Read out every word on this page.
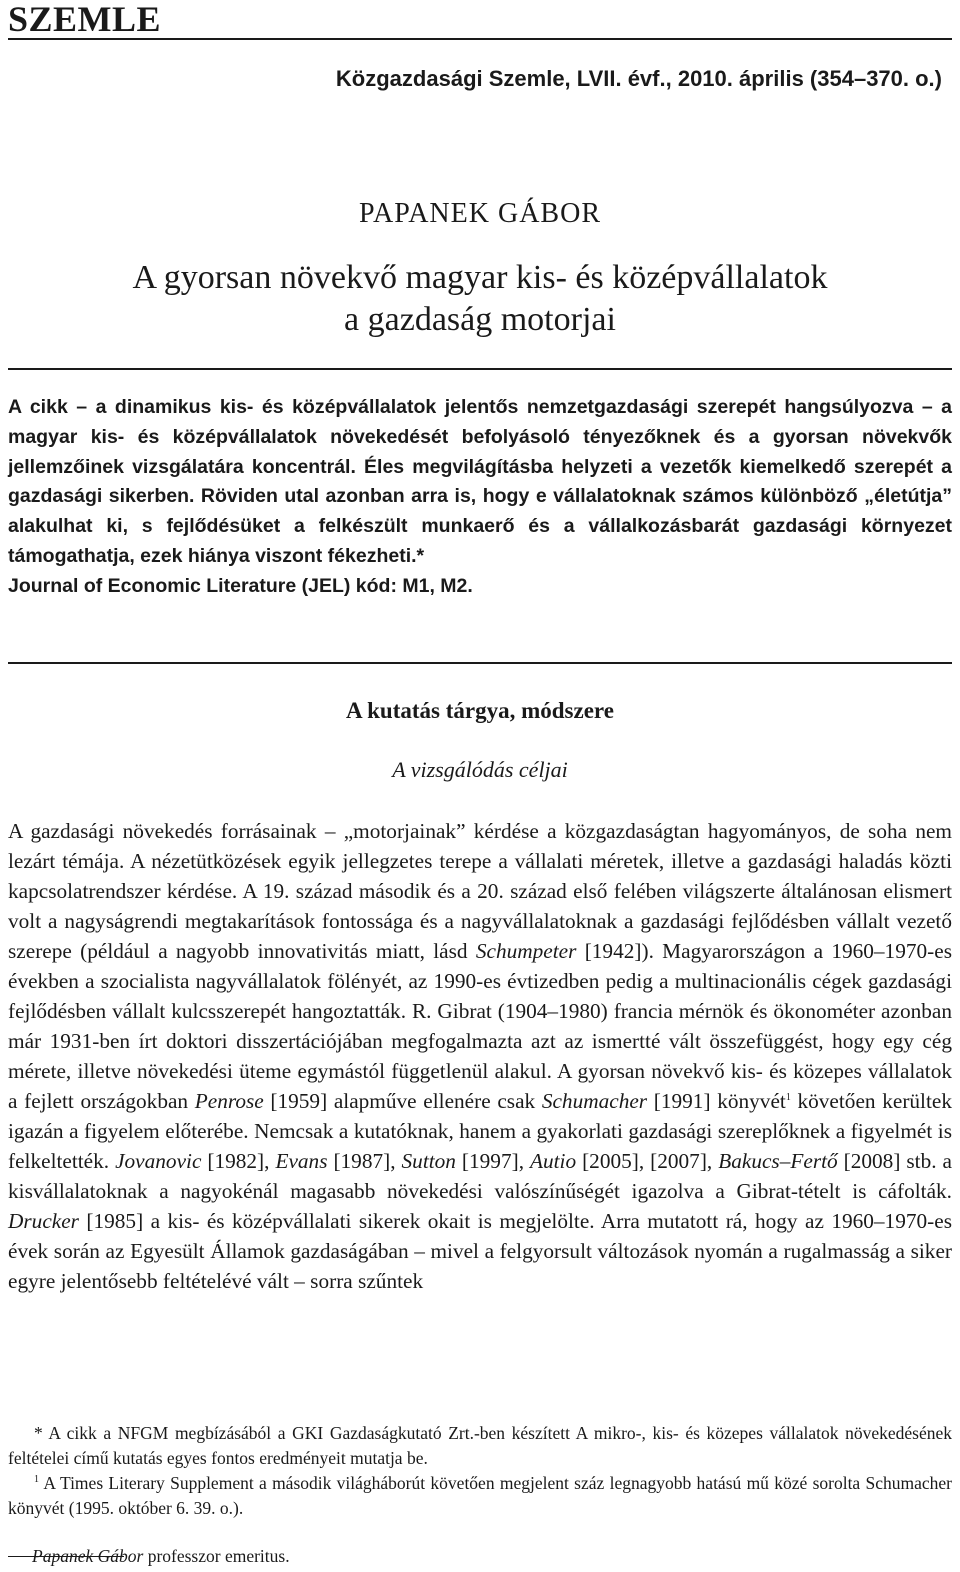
SZEMLE
Közgazdasági Szemle, LVII. évf., 2010. április (354–370. o.)
PAPANEK GÁBOR
A gyorsan növekvő magyar kis- és középvállalatok
a gazdaság motorjai

A cikk – a dinamikus kis- és középvállalatok jelentős nemzetgazdasági szerepét hangsúlyozva – a magyar kis- és középvállalatok növekedését befolyásoló tényezőknek és a gyorsan növekvők jellemzőinek vizsgálatára koncentrál. Éles megvilágításba helyzeti a vezetők kiemelkedő szerepét a gazdasági sikerben. Röviden utal azonban arra is, hogy e vállalatoknak számos különböző „életútja” alakulhat ki, s fejlődésüket a felkészült munkaerő és a vállalkozásbarát gazdasági környezet támogathatja, ezek hiánya viszont fékezheti.*

Journal of Economic Literature (JEL) kód: M1, M2.

A kutatás tárgya, módszere
A vizsgálódás céljai

A gazdasági növekedés forrásainak – „motorjainak” kérdése a közgazdaságtan hagyományos, de soha nem lezárt témája. A nézetütközések egyik jellegzetes terepe a vállalati méretek, illetve a gazdasági haladás közti kapcsolatrendszer kérdése. A 19. század második és a 20. század első felében világszerte általánosan elismert volt a nagyságrendi megtakarítások fontossága és a nagyvállalatoknak a gazdasági fejlődésben vállalt vezető szerepe (például a nagyobb innovativitás miatt, lásd Schumpeter [1942]). Magyarországon a 1960–1970-es években a szocialista nagyvállalatok fölényét, az 1990-es évtizedben pedig a multinacionális cégek gazdasági fejlődésben vállalt kulcsszerepét hangoztatták. R. Gibrat (1904–1980) francia mérnök és ökonométer azonban már 1931-ben írt doktori disszertációjában megfogalmazta azt az ismertté vált összefüggést, hogy egy cég mérete, illetve növekedési üteme egymástól függetlenül alakul. A gyorsan növekvő kis- és közepes vállalatok a fejlett országokban Penrose [1959] alapműve ellenére csak Schumacher [1991] könyvét$^1$ követően kerültek igazán a figyelem előterébe. Nemcsak a kutatóknak, hanem a gyakorlati gazdasági szereplőknek a figyelmét is felkeltették. Jovanovic [1982], Evans [1987], Sutton [1997], Autio [2005], [2007], Bakucs–Fertő [2008] stb. a kisvállalatoknak a nagyokénál magasabb növekedési valószínűségét igazolva a Gibrat-tételt is cáfolták. Drucker [1985] a kis- és középvállalati sikerek okait is megjelölte. Arra mutatott rá, hogy az 1960–1970-es évek során az Egyesült Államok gazdaságában – mivel a felgyorsult változások nyomán a rugalmasság a siker egyre jelentősebb feltételévé vált – sorra szűntek

* A cikk a NFGM megbízásából a GKI Gazdaságkutató Zrt.-ben készített A mikro-, kis- és közepes vállalatok növekedésének feltételei című kutatás egyes fontos eredményeit mutatja be.

$^1$ A Times Literary Supplement a második világháborút követően megjelent száz legnagyobb hatású mű közé sorolta Schumacher könyvét (1995. október 6. 39. o.).

Papanek Gábor professzor emeritus.
